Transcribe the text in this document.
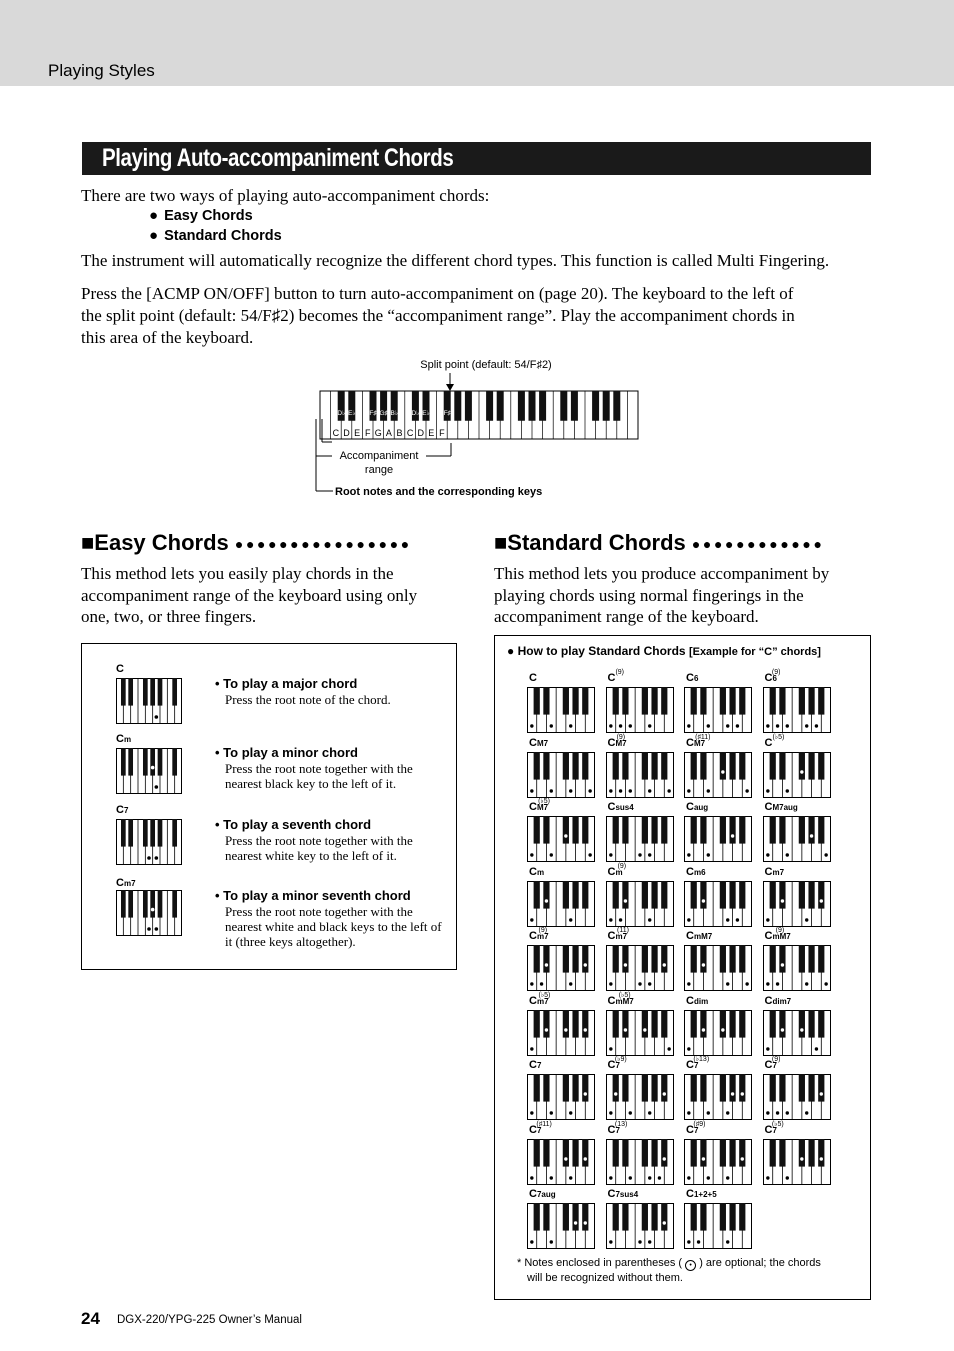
Playing Styles
Playing Auto-accompaniment Chords
There are two ways of playing auto-accompaniment chords:
● Easy Chords
● Standard Chords
The instrument will automatically recognize the different chord types. This function is called Multi Fingering.
Press the [ACMP ON/OFF] button to turn auto-accompaniment on (page 20). The keyboard to the left of
the split point (default: 54/F♯2) becomes the “accompaniment range”. Play the accompaniment chords in
this area of the keyboard.
Split point (default: 54/F♯2)
D♭ E♭ F♯ G♯ B♭ D♭ E♭ F♯
C D E F G A B C D E F
Accompaniment
range
Root notes and the corresponding keys
■Easy Chords ●●●●●●●●●●●●●●●●
This method lets you easily play chords in the
accompaniment range of the keyboard using only
one, two, or three fingers.
C
• To play a major chord
Press the root note of the chord.
Cm
• To play a minor chord
Press the root note together with the nearest black key to the left of it.
C7
• To play a seventh chord
Press the root note together with the nearest white key to the left of it.
Cm7
• To play a minor seventh chord
Press the root note together with the nearest white and black keys to the left of it (three keys altogether).
■Standard Chords ●●●●●●●●●●●●
This method lets you produce accompaniment by
playing chords using normal fingerings in the
accompaniment range of the keyboard.
● How to play Standard Chords [Example for “C” chords]
C	$C^{(9)}$	C6	C6$^{(9)}$
CM7	CM7$^{(9)}$	$CM7^{(♯11)}$	$C^{(♭5)}$
$CM7^{(♭5)}$	Csus4	Caug	CM7aug
Cm	Cm$^{(9)}$	Cm6	Cm7
Cm7$^{(9)}$	Cm7$^{(11)}$	CmM7	CmM7$^{(9)}$
$Cm7^{(♭5)}$	$CmM7^{(♭5)}$	Cdim	Cdim7
C7	$C7^{(♭9)}$	$C7^{(♭13)}$	C7$^{(9)}$
$C7^{(♯11)}$	C7$^{(13)}$	$C7^{(♯9)}$	$C7^{(♭5)}$
C7aug	C7sus4	C1+2+5
* Notes enclosed in parentheses ( • ) are optional; the chords
will be recognized without them.
24 DGX-220/YPG-225 Owner’s Manual
